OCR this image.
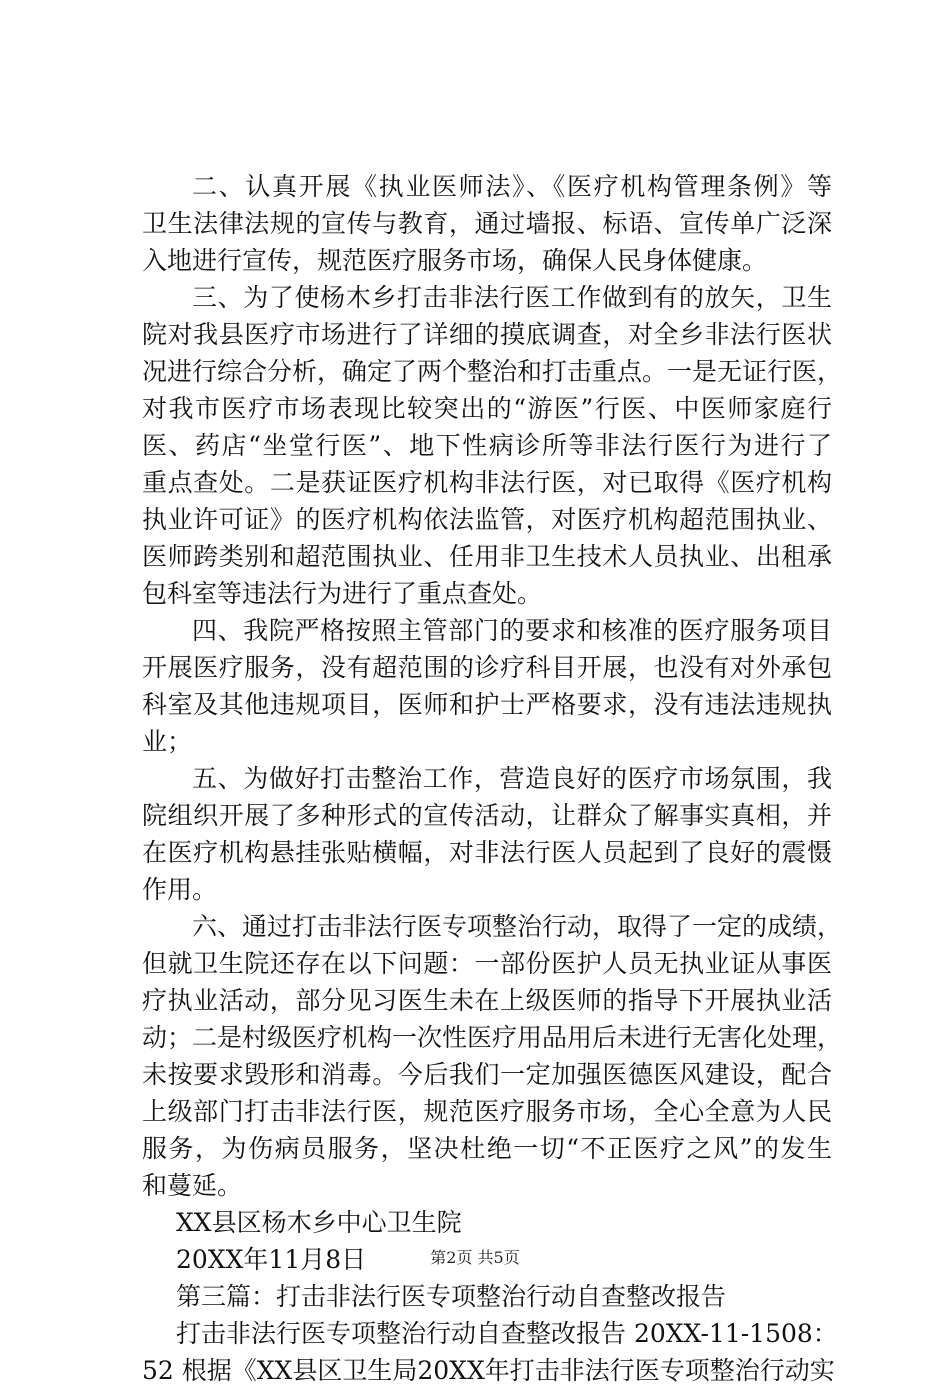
二、认真开展《执业医师法》、《医疗机构管理条例》等
卫生法律法规的宣传与教育，通过墙报、标语、宣传单广泛深
入地进行宣传，规范医疗服务市场，确保人民身体健康。
三、为了使杨木乡打击非法行医工作做到有的放矢，卫生
院对我县医疗市场进行了详细的摸底调查，对全乡非法行医状
况进行综合分析，确定了两个整治和打击重点。一是无证行医，
对我市医疗市场表现比较突出的“游医”行医、中医师家庭行
医、药店“坐堂行医”、地下性病诊所等非法行医行为进行了
重点查处。二是获证医疗机构非法行医，对已取得《医疗机构
执业许可证》的医疗机构依法监管，对医疗机构超范围执业、
医师跨类别和超范围执业、任用非卫生技术人员执业、出租承
包科室等违法行为进行了重点查处。
四、我院严格按照主管部门的要求和核准的医疗服务项目
开展医疗服务，没有超范围的诊疗科目开展，也没有对外承包
科室及其他违规项目，医师和护士严格要求，没有违法违规执
业；
五、为做好打击整治工作，营造良好的医疗市场氛围，我
院组织开展了多种形式的宣传活动，让群众了解事实真相，并
在医疗机构悬挂张贴横幅，对非法行医人员起到了良好的震慑
作用。
六、通过打击非法行医专项整治行动，取得了一定的成绩，
但就卫生院还存在以下问题：一部份医护人员无执业证从事医
疗执业活动，部分见习医生未在上级医师的指导下开展执业活
动；二是村级医疗机构一次性医疗用品用后未进行无害化处理，
未按要求毁形和消毒。今后我们一定加强医德医风建设，配合
上级部门打击非法行医，规范医疗服务市场，全心全意为人民
服务，为伤病员服务，坚决杜绝一切“不正医疗之风”的发生
和蔓延。
XX县区杨木乡中心卫生院
20XX年11月8日
第三篇：打击非法行医专项整治行动自查整改报告
打击非法行医专项整治行动自查整改报告 20XX-11-1508：
52 根据《XX县区卫生局20XX年打击非法行医专项整治行动实
第2页 共5页
